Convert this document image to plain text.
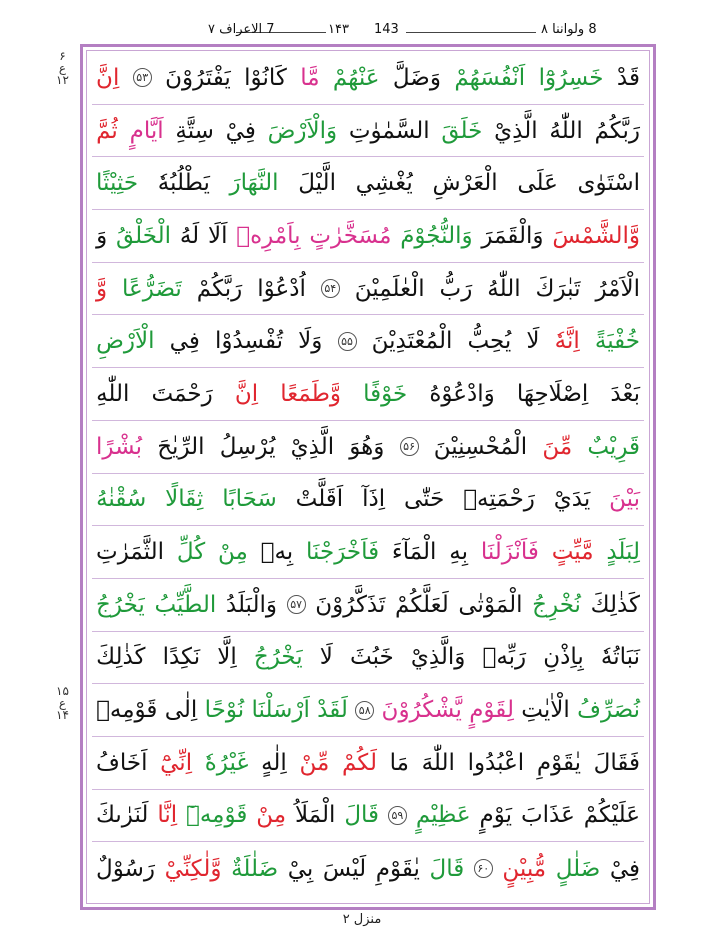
7 الاعراف ۷	۱۴۳ 143	8 ولواننا ۸
۶
ع
۱۲
۱۵
ع
۱۴
قَدْ
خَسِرُوْٓا
اَنْفُسَهُمْ
وَضَلَّ
عَنْهُمْ
مَّا
كَانُوْا
يَفْتَرُوْنَ
۵۳
اِنَّ
رَبَّكُمُ
اللّٰهُ
الَّذِيْ
خَلَقَ
السَّمٰوٰتِ
وَالْاَرْضَ
فِيْ
سِتَّةِ
اَيَّامٍ
ثُمَّ
اسْتَوٰى
عَلَى
الْعَرْشِ
يُغْشِي
الَّيْلَ
النَّهَارَ
يَطْلُبُهٗ
حَثِيْثًا
وَّالشَّمْسَ
وَالْقَمَرَ
وَالنُّجُوْمَ
مُسَخَّرٰتٍ
بِاَمْرِهٖ
اَلَا
لَهُ
الْخَلْقُ
وَ
الْاَمْرُ
تَبٰرَكَ
اللّٰهُ
رَبُّ
الْعٰلَمِيْنَ
۵۴
اُدْعُوْا
رَبَّكُمْ
تَضَرُّعًا
وَّ
خُفْيَةً
اِنَّهٗ
لَا
يُحِبُّ
الْمُعْتَدِيْنَ
۵۵
وَلَا
تُفْسِدُوْا
فِي
الْاَرْضِ
بَعْدَ
اِصْلَاحِهَا
وَادْعُوْهُ
خَوْفًا
وَّطَمَعًا
اِنَّ
رَحْمَتَ
اللّٰهِ
قَرِيْبٌ
مِّنَ
الْمُحْسِنِيْنَ
۵۶
وَهُوَ
الَّذِيْ
يُرْسِلُ
الرِّيٰحَ
بُشْرًا
بَيْنَ
يَدَيْ
رَحْمَتِهٖ
حَتّٰى
اِذَآ
اَقَلَّتْ
سَحَابًا
ثِقَالًا
سُقْنٰهُ
لِبَلَدٍ
مَّيِّتٍ
فَاَنْزَلْنَا
بِهِ
الْمَآءَ
فَاَخْرَجْنَا
بِهٖ
مِنْ
كُلِّ
الثَّمَرٰتِ
كَذٰلِكَ
نُخْرِجُ
الْمَوْتٰى
لَعَلَّكُمْ
تَذَكَّرُوْنَ
۵۷
وَالْبَلَدُ
الطَّيِّبُ
يَخْرُجُ
نَبَاتُهٗ
بِاِذْنِ
رَبِّهٖ
وَالَّذِيْ
خَبُثَ
لَا
يَخْرُجُ
اِلَّا
نَكِدًا
كَذٰلِكَ
نُصَرِّفُ
الْاٰيٰتِ
لِقَوْمٍ
يَّشْكُرُوْنَ
۵۸
لَقَدْ
اَرْسَلْنَا
نُوْحًا
اِلٰى
قَوْمِهٖ
فَقَالَ
يٰقَوْمِ
اعْبُدُوا
اللّٰهَ
مَا
لَكُمْ
مِّنْ
اِلٰهٍ
غَيْرُهٗ
اِنِّيْٓ
اَخَافُ
عَلَيْكُمْ
عَذَابَ
يَوْمٍ
عَظِيْمٍ
۵۹
قَالَ
الْمَلَاُ
مِنْ
قَوْمِهٖٓ
اِنَّا
لَنَرٰىكَ
فِيْ
ضَلٰلٍ
مُّبِيْنٍ
۶۰
قَالَ
يٰقَوْمِ
لَيْسَ
بِيْ
ضَلٰلَةٌ
وَّلٰكِنِّيْ
رَسُوْلٌ
منزل ۲
